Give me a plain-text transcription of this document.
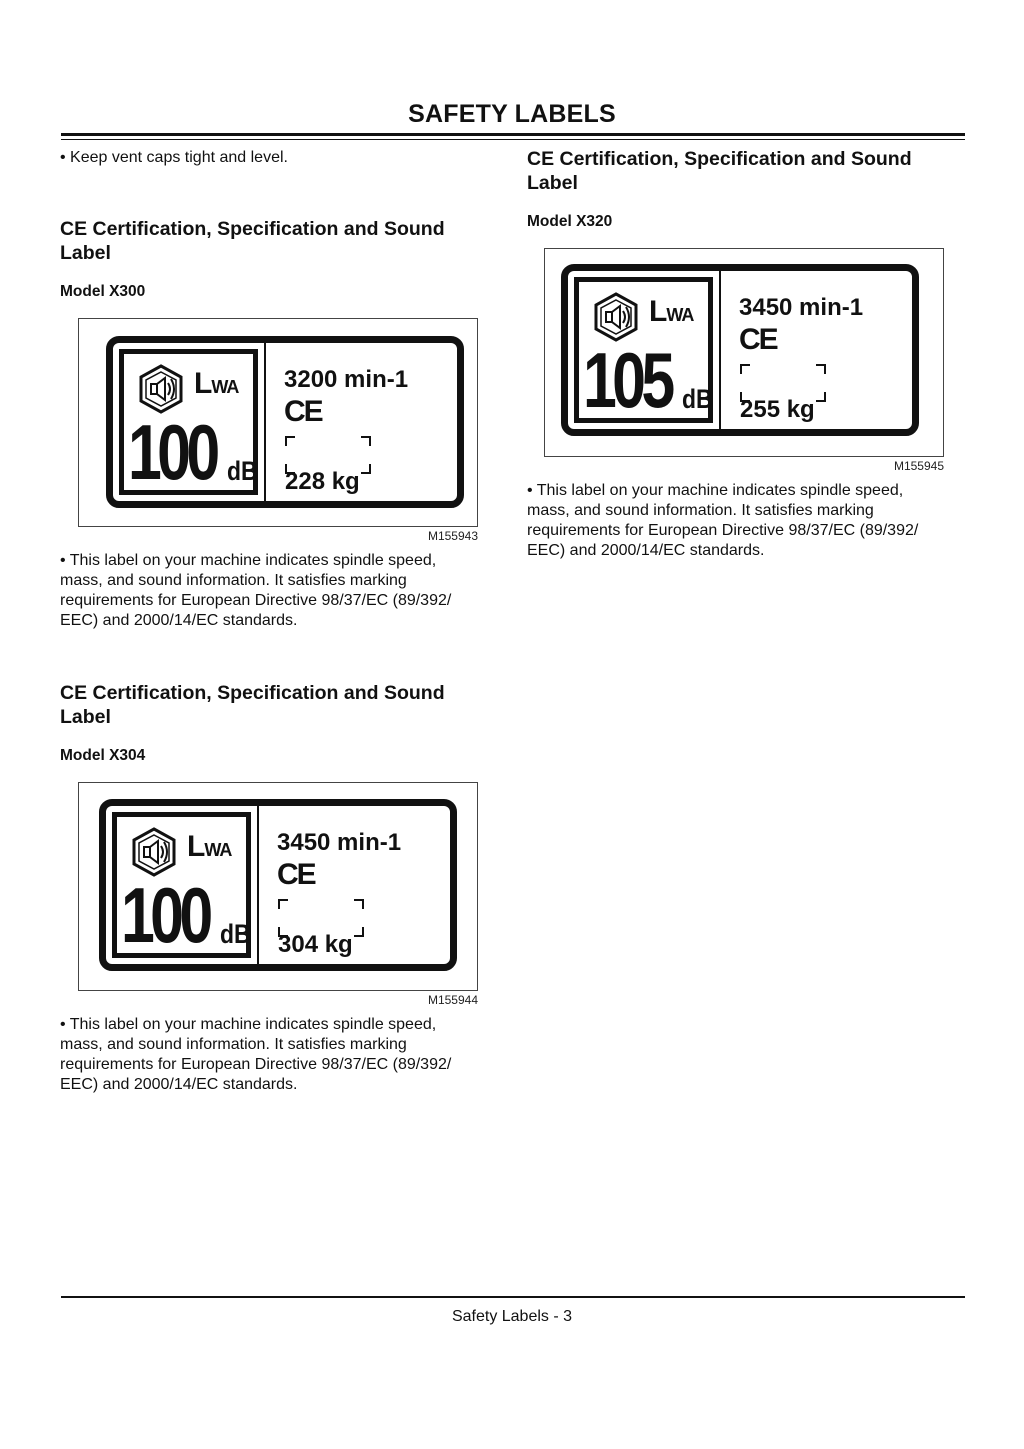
SAFETY LABELS

• Keep vent caps tight and level.

CE Certification, Specification and Sound
Label

Model X300

LWA
100 dB
3200 min-1
CE
228 kg

M155943

• This label on your machine indicates spindle speed,
mass, and sound information. It satisfies marking
requirements for European Directive 98/37/EC (89/392/
EEC) and 2000/14/EC standards.

CE Certification, Specification and Sound
Label

Model X304

LWA
100 dB
3450 min-1
CE
304 kg

M155944

• This label on your machine indicates spindle speed,
mass, and sound information. It satisfies marking
requirements for European Directive 98/37/EC (89/392/
EEC) and 2000/14/EC standards.

CE Certification, Specification and Sound
Label

Model X320

LWA
105 dB
3450 min-1
CE
255 kg

M155945

• This label on your machine indicates spindle speed,
mass, and sound information. It satisfies marking
requirements for European Directive 98/37/EC (89/392/
EEC) and 2000/14/EC standards.

Safety Labels - 3
